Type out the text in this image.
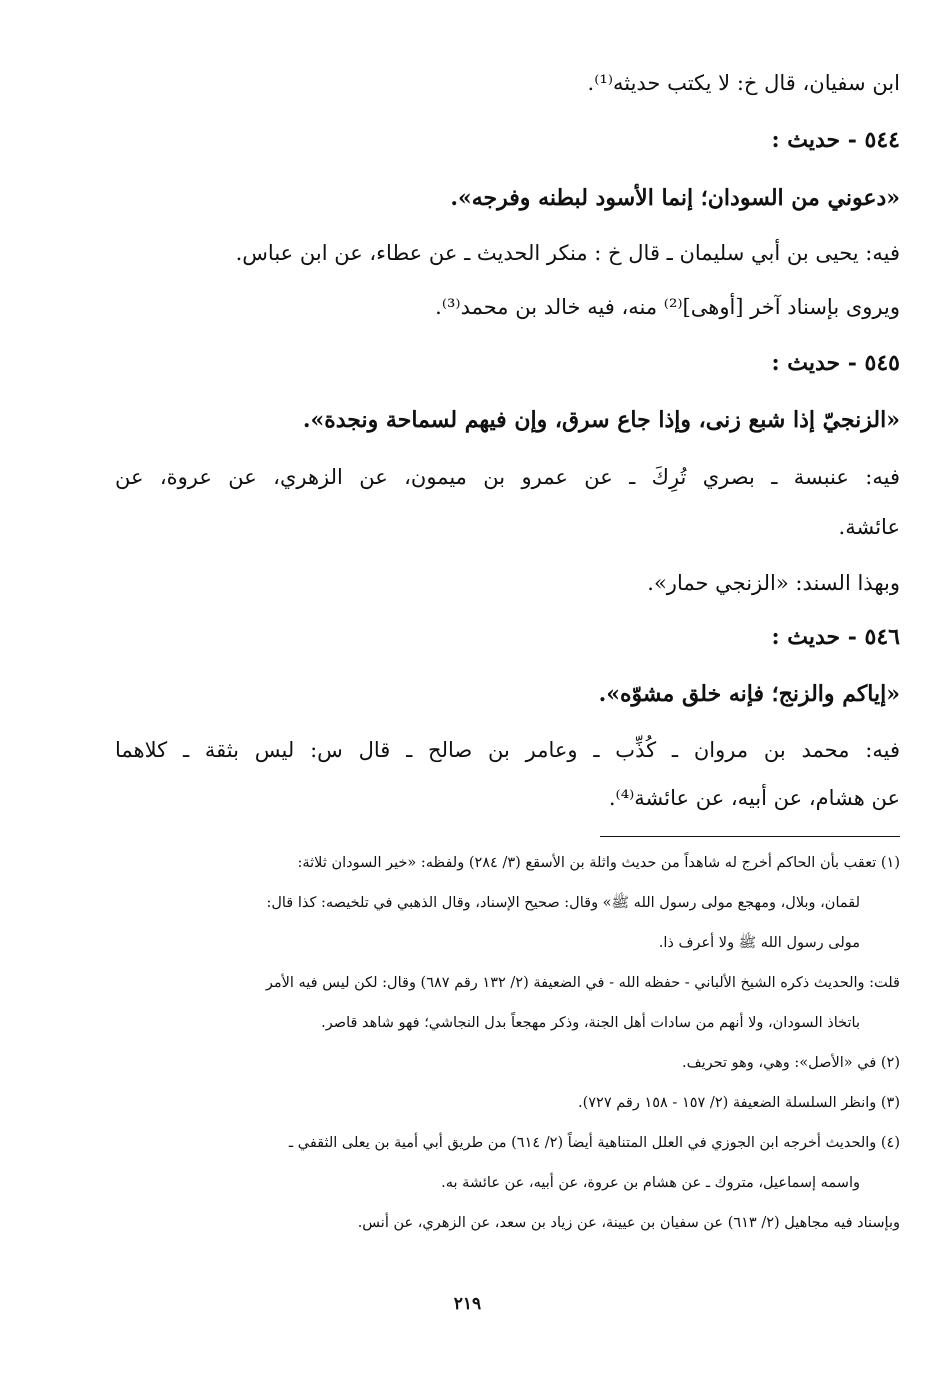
ابن سفيان، قال خ: لا يكتب حديثه⁽¹⁾.
٥٤٤ - حديث :
«دعوني من السودان؛ إنما الأسود لبطنه وفرجه».
فيه: يحيى بن أبي سليمان ـ قال خ : منكر الحديث ـ عن عطاء، عن ابن عباس.
ويروى بإسناد آخر [أوهى]⁽²⁾ منه، فيه خالد بن محمد⁽³⁾.
٥٤٥ - حديث :
«الزنجيّ إذا شبع زنى، وإذا جاع سرق، وإن فيهم لسماحة ونجدة».
فيه: عنبسة ـ بصري تُرِكَ ـ عن عمرو بن ميمون، عن الزهري، عن عروة، عن
عائشة.
وبهذا السند: «الزنجي حمار».
٥٤٦ - حديث :
«إياكم والزنج؛ فإنه خلق مشوّه».
فيه: محمد بن مروان ـ كُذِّب ـ وعامر بن صالح ـ قال س: ليس بثقة ـ كلاهما
عن هشام، عن أبيه، عن عائشة⁽⁴⁾.
(١) تعقب بأن الحاكم أخرج له شاهداً من حديث واثلة بن الأسقع (٣/ ٢٨٤) ولفظه: «خير السودان ثلاثة:
لقمان، وبلال، ومهجع مولى رسول الله ﷺ» وقال: صحيح الإسناد، وقال الذهبي في تلخيصه: كذا قال:
مولى رسول الله ﷺ ولا أعرف ذا.
قلت: والحديث ذكره الشيخ الألباني - حفظه الله - في الضعيفة (٢/ ١٣٢ رقم ٦٨٧) وقال: لكن ليس فيه الأمر
باتخاذ السودان، ولا أنهم من سادات أهل الجنة، وذكر مهجعاً بدل النجاشي؛ فهو شاهد قاصر.
(٢) في «الأصل»: وهي، وهو تحريف.
(٣) وانظر السلسلة الضعيفة (٢/ ١٥٧ - ١٥٨ رقم ٧٢٧).
(٤) والحديث أخرجه ابن الجوزي في العلل المتناهية أيضاً (٢/ ٦١٤) من طريق أبي أمية بن يعلى الثقفي ـ
واسمه إسماعيل، متروك ـ عن هشام بن عروة، عن أبيه، عن عائشة به.
وبإسناد فيه مجاهيل (٢/ ٦١٣) عن سفيان بن عيينة، عن زياد بن سعد، عن الزهري، عن أنس.
٢١٩
